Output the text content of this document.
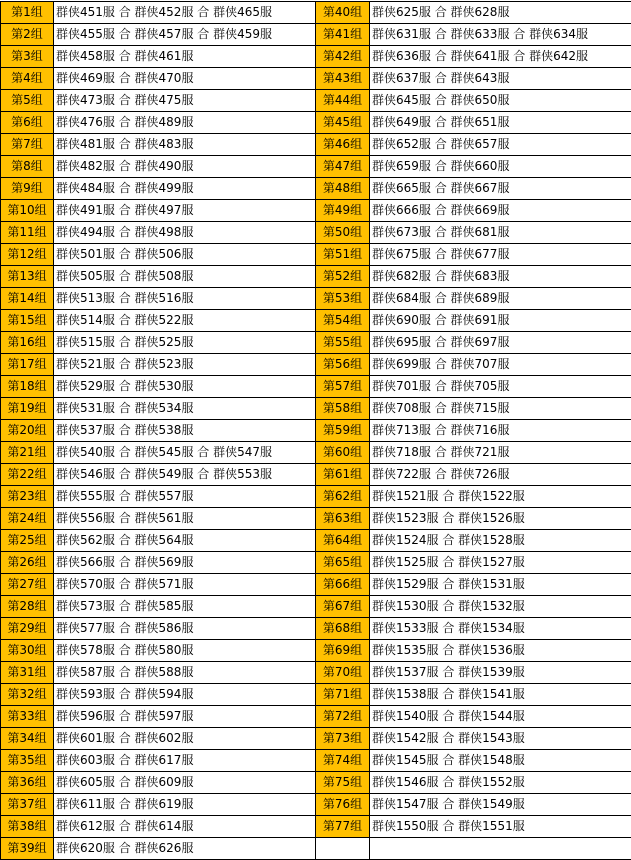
第1组	群侠451服 合 群侠452服 合 群侠465服	第40组	群侠625服 合 群侠628服
第2组	群侠455服 合 群侠457服 合 群侠459服	第41组	群侠631服 合 群侠633服 合 群侠634服
第3组	群侠458服 合 群侠461服	第42组	群侠636服 合 群侠641服 合 群侠642服
第4组	群侠469服 合 群侠470服	第43组	群侠637服 合 群侠643服
第5组	群侠473服 合 群侠475服	第44组	群侠645服 合 群侠650服
第6组	群侠476服 合 群侠489服	第45组	群侠649服 合 群侠651服
第7组	群侠481服 合 群侠483服	第46组	群侠652服 合 群侠657服
第8组	群侠482服 合 群侠490服	第47组	群侠659服 合 群侠660服
第9组	群侠484服 合 群侠499服	第48组	群侠665服 合 群侠667服
第10组	群侠491服 合 群侠497服	第49组	群侠666服 合 群侠669服
第11组	群侠494服 合 群侠498服	第50组	群侠673服 合 群侠681服
第12组	群侠501服 合 群侠506服	第51组	群侠675服 合 群侠677服
第13组	群侠505服 合 群侠508服	第52组	群侠682服 合 群侠683服
第14组	群侠513服 合 群侠516服	第53组	群侠684服 合 群侠689服
第15组	群侠514服 合 群侠522服	第54组	群侠690服 合 群侠691服
第16组	群侠515服 合 群侠525服	第55组	群侠695服 合 群侠697服
第17组	群侠521服 合 群侠523服	第56组	群侠699服 合 群侠707服
第18组	群侠529服 合 群侠530服	第57组	群侠701服 合 群侠705服
第19组	群侠531服 合 群侠534服	第58组	群侠708服 合 群侠715服
第20组	群侠537服 合 群侠538服	第59组	群侠713服 合 群侠716服
第21组	群侠540服 合 群侠545服 合 群侠547服	第60组	群侠718服 合 群侠721服
第22组	群侠546服 合 群侠549服 合 群侠553服	第61组	群侠722服 合 群侠726服
第23组	群侠555服 合 群侠557服	第62组	群侠1521服 合 群侠1522服
第24组	群侠556服 合 群侠561服	第63组	群侠1523服 合 群侠1526服
第25组	群侠562服 合 群侠564服	第64组	群侠1524服 合 群侠1528服
第26组	群侠566服 合 群侠569服	第65组	群侠1525服 合 群侠1527服
第27组	群侠570服 合 群侠571服	第66组	群侠1529服 合 群侠1531服
第28组	群侠573服 合 群侠585服	第67组	群侠1530服 合 群侠1532服
第29组	群侠577服 合 群侠586服	第68组	群侠1533服 合 群侠1534服
第30组	群侠578服 合 群侠580服	第69组	群侠1535服 合 群侠1536服
第31组	群侠587服 合 群侠588服	第70组	群侠1537服 合 群侠1539服
第32组	群侠593服 合 群侠594服	第71组	群侠1538服 合 群侠1541服
第33组	群侠596服 合 群侠597服	第72组	群侠1540服 合 群侠1544服
第34组	群侠601服 合 群侠602服	第73组	群侠1542服 合 群侠1543服
第35组	群侠603服 合 群侠617服	第74组	群侠1545服 合 群侠1548服
第36组	群侠605服 合 群侠609服	第75组	群侠1546服 合 群侠1552服
第37组	群侠611服 合 群侠619服	第76组	群侠1547服 合 群侠1549服
第38组	群侠612服 合 群侠614服	第77组	群侠1550服 合 群侠1551服
第39组	群侠620服 合 群侠626服		
